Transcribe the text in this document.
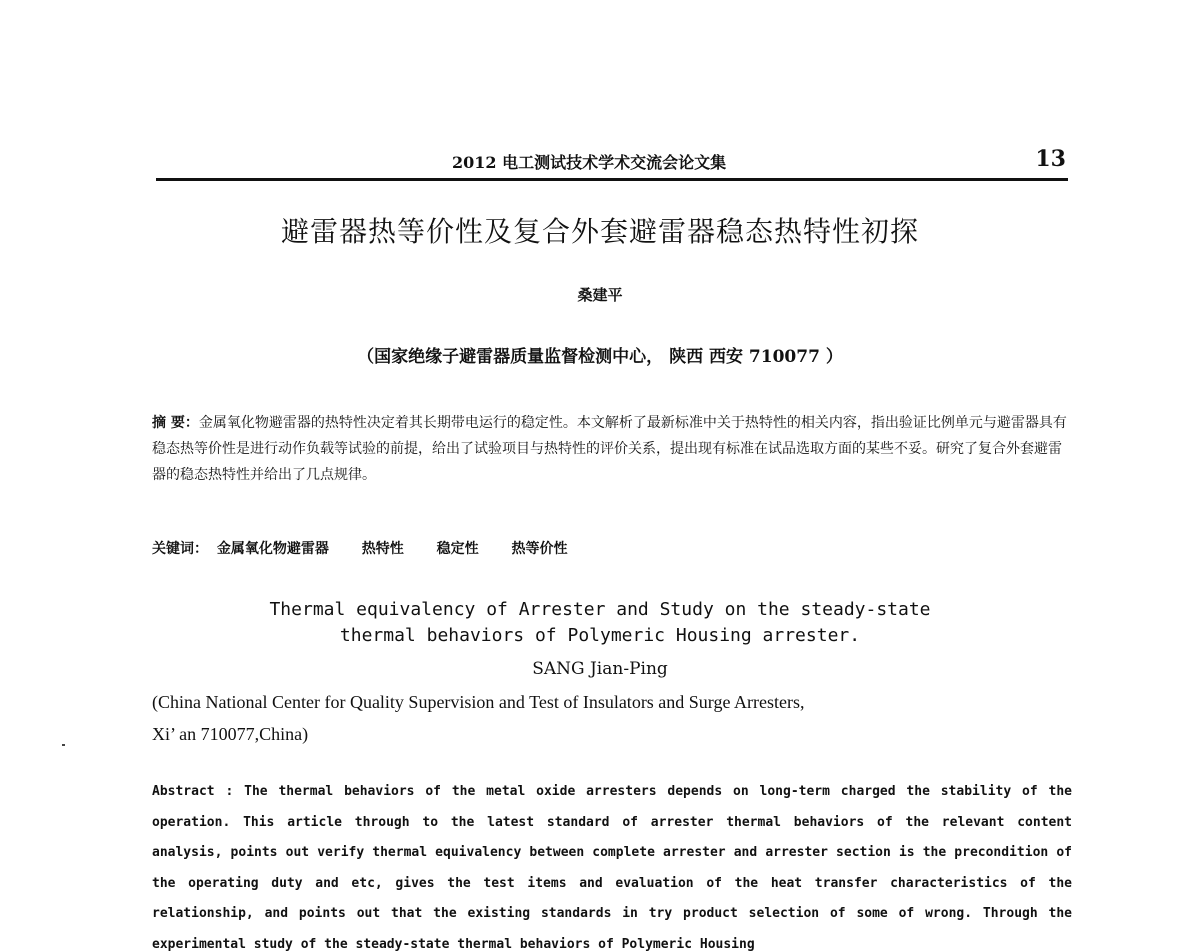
2012 电工测试技术学术交流会论文集	13
避雷器热等价性及复合外套避雷器稳态热特性初探
桑建平
（国家绝缘子避雷器质量监督检测中心， 陕西 西安 710077 ）
摘 要：金属氧化物避雷器的热特性决定着其长期带电运行的稳定性。本文解析了最新标准中关于热特性的相关内容，指出验证比例单元与避雷器具有稳态热等价性是进行动作负载等试验的前提，给出了试验项目与热特性的评价关系，提出现有标准在试品选取方面的某些不妥。研究了复合外套避雷器的稳态热特性并给出了几点规律。
关键词： 金属氧化物避雷器 热特性 稳定性 热等价性
Thermal equivalency of Arrester and Study on the steady-state
thermal behaviors of Polymeric Housing arrester.
SANG Jian-Ping
(China National Center for Quality Supervision and Test of Insulators and Surge Arresters,
Xi’ an 710077,China)
Abstract : The thermal behaviors of the metal oxide arresters depends on long-term charged the stability of the operation. This article through to the latest standard of arrester thermal behaviors of the relevant content analysis, points out verify thermal equivalency between complete arrester and arrester section is the precondition of the operating duty and etc, gives the test items and evaluation of the heat transfer characteristics of the relationship, and points out that the existing standards in try product selection of some of wrong. Through the experimental study of the steady-state thermal behaviors of Polymeric Housing
